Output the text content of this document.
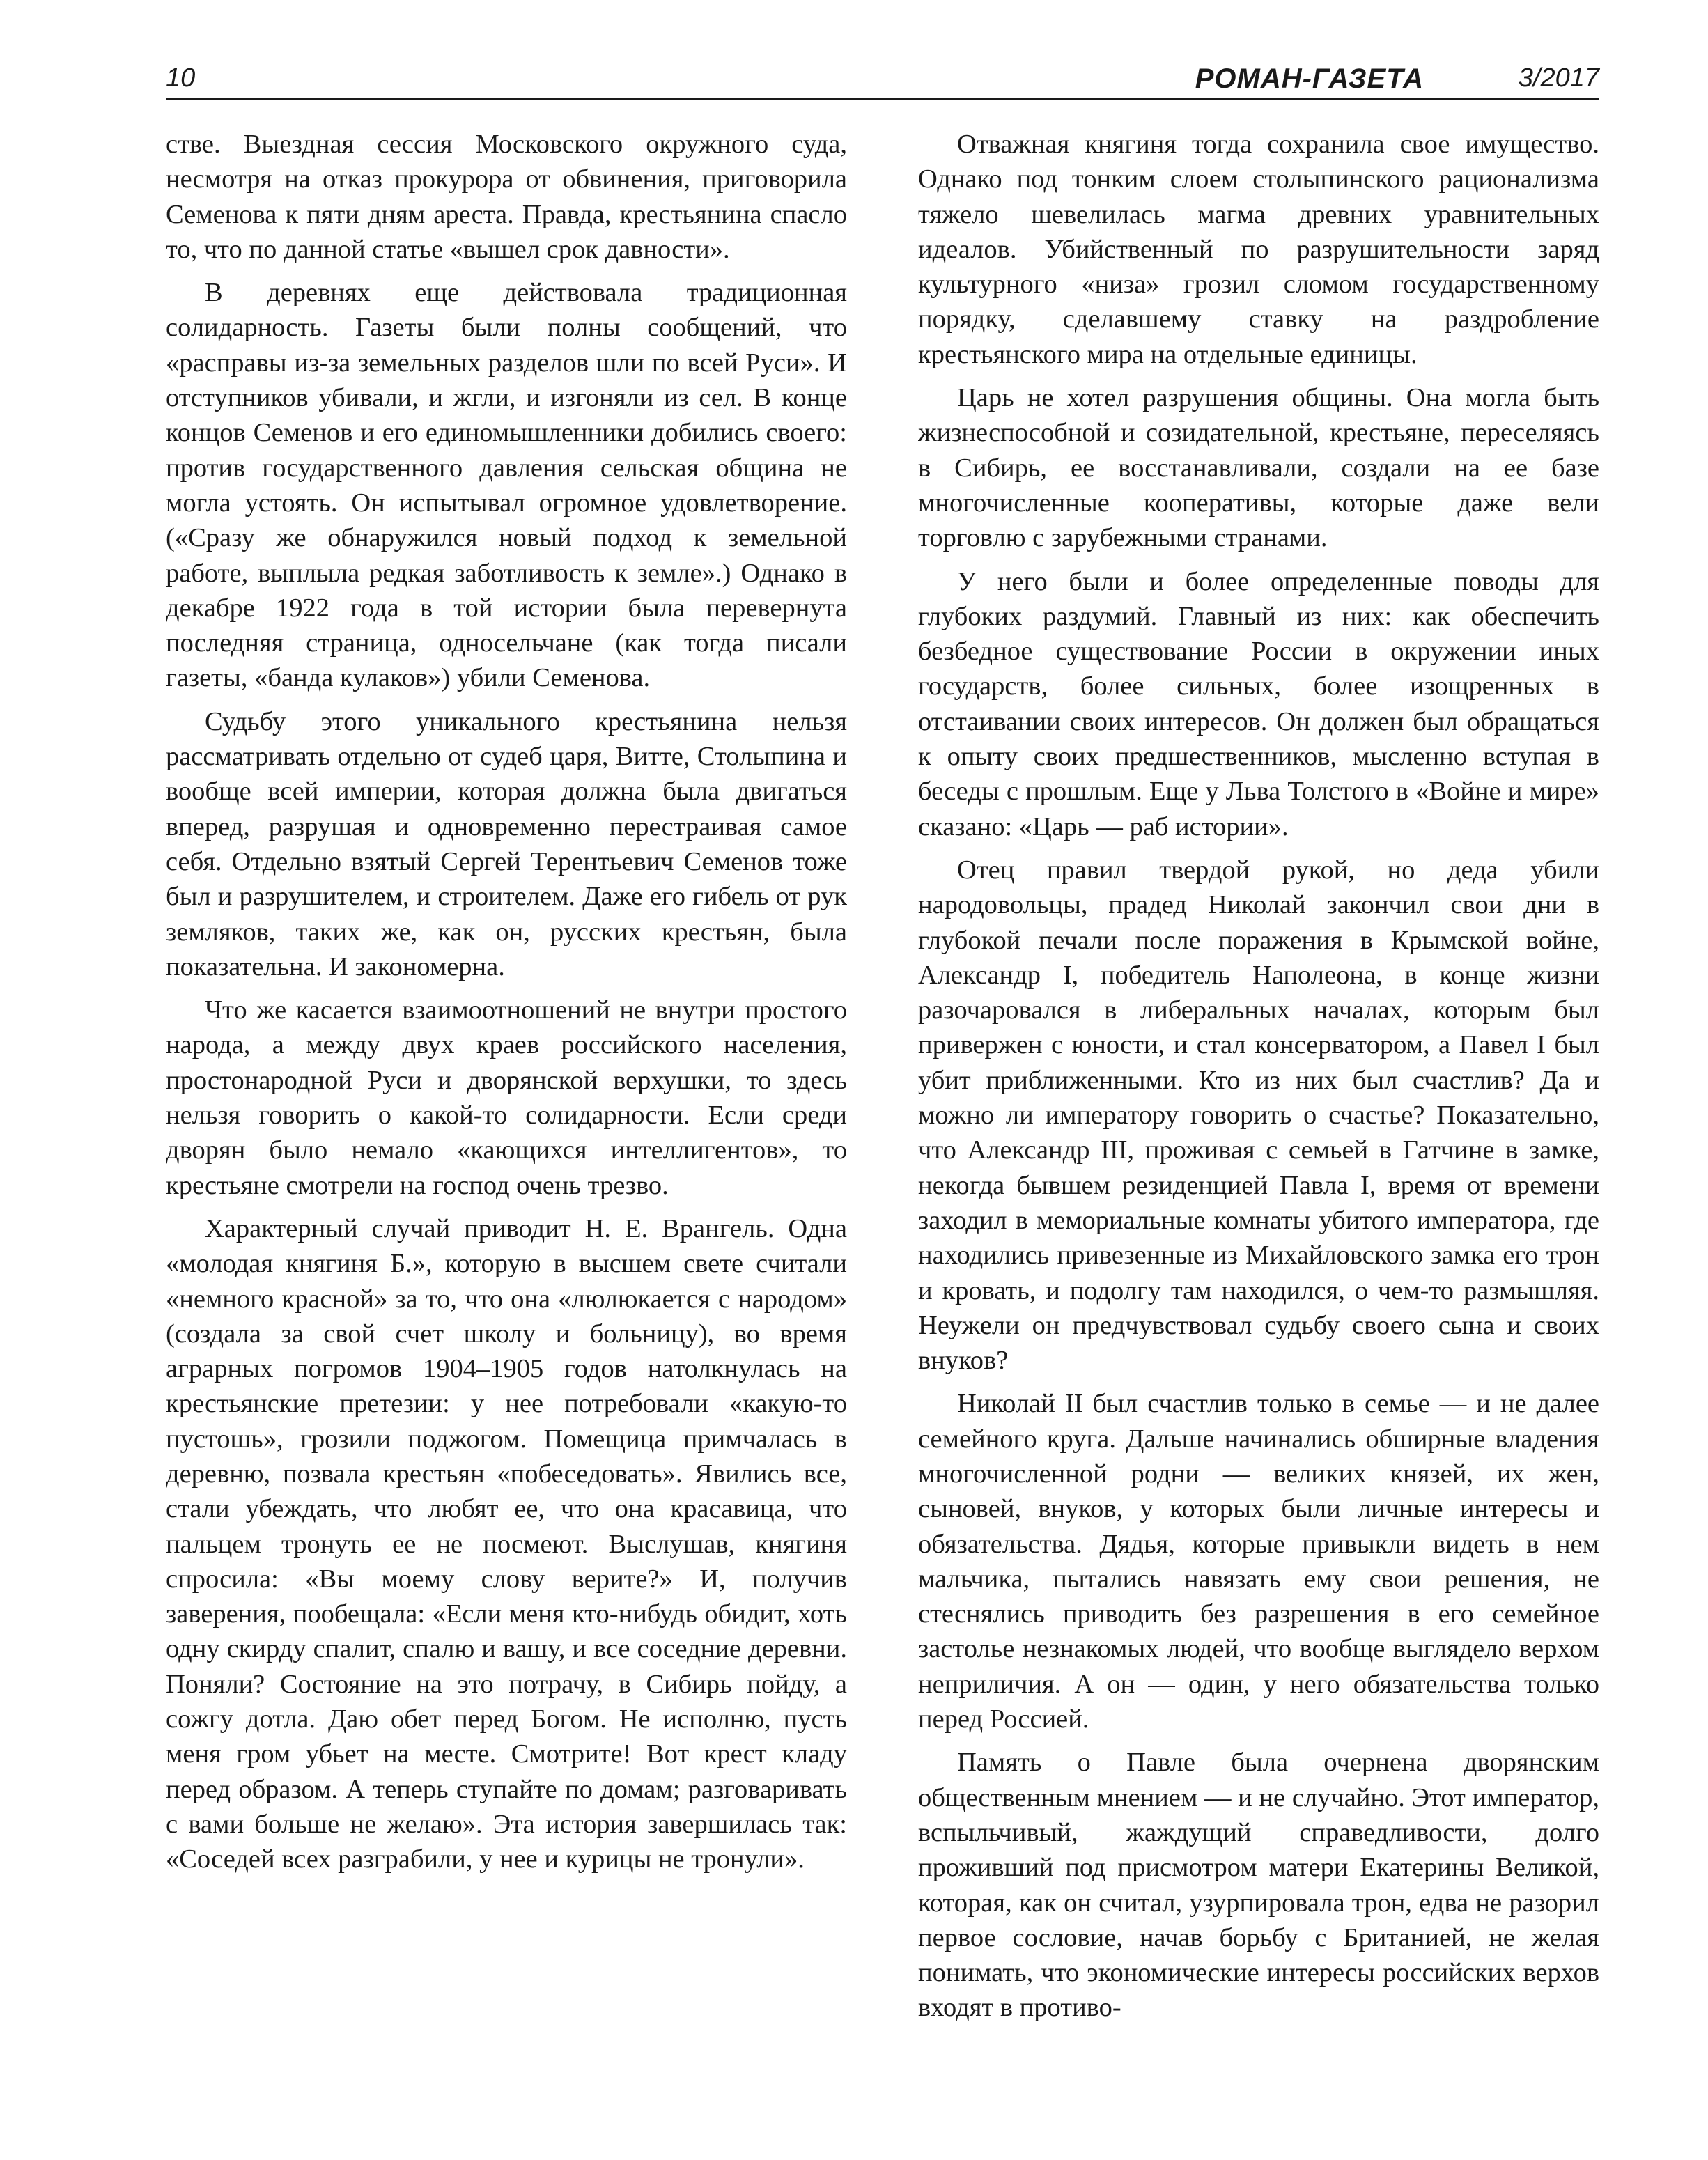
10	РОМАН-ГАЗЕТА	3/2017

стве. Выездная сессия Московского окружного суда, несмотря на отказ прокурора от обвинения, приговорила Семенова к пяти дням ареста. Правда, крестьянина спасло то, что по данной статье «вышел срок давности».

В деревнях еще действовала традиционная солидарность. Газеты были полны сообщений, что «расправы из-за земельных разделов шли по всей Руси». И отступников убивали, и жгли, и изгоняли из сел. В конце концов Семенов и его единомышленники добились своего: против государственного давления сельская община не могла устоять. Он испытывал огромное удовлетворение. («Сразу же обнаружился новый подход к земельной работе, выплыла редкая заботливость к земле».) Однако в декабре 1922 года в той истории была перевернута последняя страница, односельчане (как тогда писали газеты, «банда кулаков») убили Семенова.

Судьбу этого уникального крестьянина нельзя рассматривать отдельно от судеб царя, Витте, Столыпина и вообще всей империи, которая должна была двигаться вперед, разрушая и одновременно перестраивая самое себя. Отдельно взятый Сергей Терентьевич Семенов тоже был и разрушителем, и строителем. Даже его гибель от рук земляков, таких же, как он, русских крестьян, была показательна. И закономерна.

Что же касается взаимоотношений не внутри простого народа, а между двух краев российского населения, простонародной Руси и дворянской верхушки, то здесь нельзя говорить о какой-то солидарности. Если среди дворян было немало «кающихся интеллигентов», то крестьяне смотрели на господ очень трезво.

Характерный случай приводит Н. Е. Врангель. Одна «молодая княгиня Б.», которую в высшем свете считали «немного красной» за то, что она «люлюкается с народом» (создала за свой счет школу и больницу), во время аграрных погромов 1904–1905 годов натолкнулась на крестьянские претезии: у нее потребовали «какую-то пустошь», грозили поджогом. Помещица примчалась в деревню, позвала крестьян «побеседовать». Явились все, стали убеждать, что любят ее, что она красавица, что пальцем тронуть ее не посмеют. Выслушав, княгиня спросила: «Вы моему слову верите?» И, получив заверения, пообещала: «Если меня кто-нибудь обидит, хоть одну скирду спалит, спалю и вашу, и все соседние деревни. Поняли? Состояние на это потрачу, в Сибирь пойду, а сожгу дотла. Даю обет перед Богом. Не исполню, пусть меня гром убьет на месте. Смотрите! Вот крест кладу перед образом. А теперь ступайте по домам; разговаривать с вами больше не желаю». Эта история завершилась так: «Соседей всех разграбили, у нее и курицы не тронули».

Отважная княгиня тогда сохранила свое имущество. Однако под тонким слоем столыпинского рационализма тяжело шевелилась магма древних уравнительных идеалов. Убийственный по разрушительности заряд культурного «низа» грозил сломом государственному порядку, сделавшему ставку на раздробление крестьянского мира на отдельные единицы.

Царь не хотел разрушения общины. Она могла быть жизнеспособной и созидательной, крестьяне, переселяясь в Сибирь, ее восстанавливали, создали на ее базе многочисленные кооперативы, которые даже вели торговлю с зарубежными странами.

У него были и более определенные поводы для глубоких раздумий. Главный из них: как обеспечить безбедное существование России в окружении иных государств, более сильных, более изощренных в отстаивании своих интересов. Он должен был обращаться к опыту своих предшественников, мысленно вступая в беседы с прошлым. Еще у Льва Толстого в «Войне и мире» сказано: «Царь — раб истории».

Отец правил твердой рукой, но деда убили народовольцы, прадед Николай закончил свои дни в глубокой печали после поражения в Крымской войне, Александр I, победитель Наполеона, в конце жизни разочаровался в либеральных началах, которым был привержен с юности, и стал консерватором, а Павел I был убит приближенными. Кто из них был счастлив? Да и можно ли императору говорить о счастье? Показательно, что Александр III, проживая с семьей в Гатчине в замке, некогда бывшем резиденцией Павла I, время от времени заходил в мемориальные комнаты убитого императора, где находились привезенные из Михайловского замка его трон и кровать, и подолгу там находился, о чем-то размышляя. Неужели он предчувствовал судьбу своего сына и своих внуков?

Николай II был счастлив только в семье — и не далее семейного круга. Дальше начинались обширные владения многочисленной родни — великих князей, их жен, сыновей, внуков, у которых были личные интересы и обязательства. Дядья, которые привыкли видеть в нем мальчика, пытались навязать ему свои решения, не стеснялись приводить без разрешения в его семейное застолье незнакомых людей, что вообще выглядело верхом неприличия. А он — один, у него обязательства только перед Россией.

Память о Павле была очернена дворянским общественным мнением — и не случайно. Этот император, вспыльчивый, жаждущий справедливости, долго проживший под присмотром матери Екатерины Великой, которая, как он считал, узурпировала трон, едва не разорил первое сословие, начав борьбу с Британией, не желая понимать, что экономические интересы российских верхов входят в противо-
